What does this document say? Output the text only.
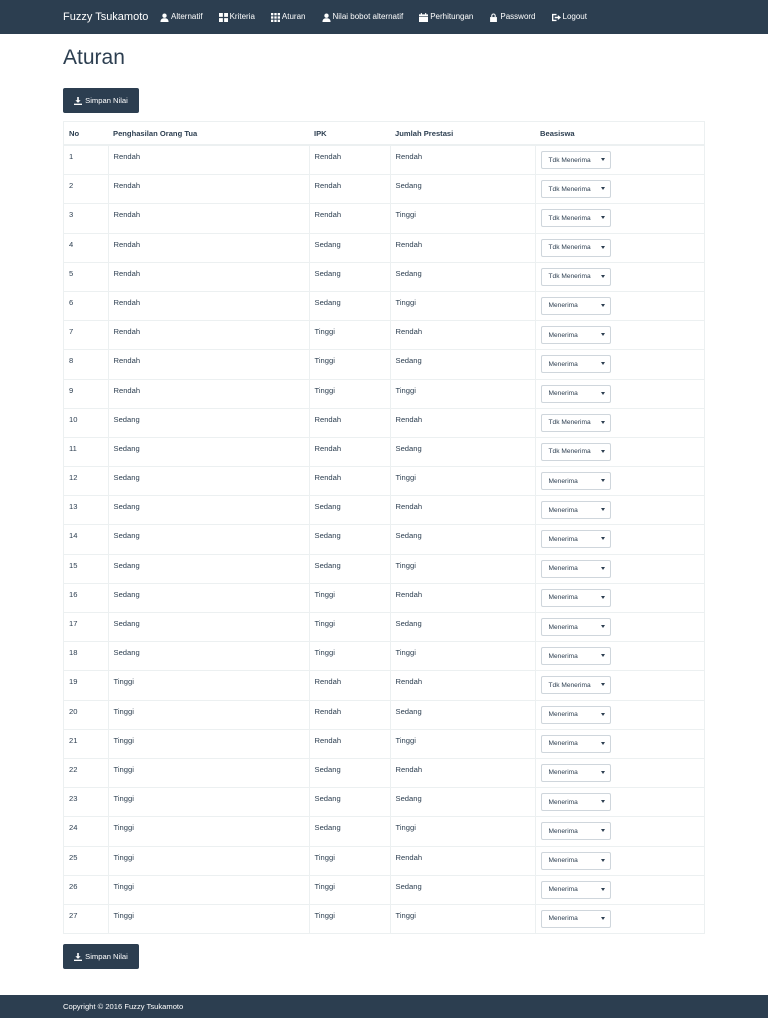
Fuzzy Tsukamoto	Alternatif	Kriteria	Aturan	Nilai bobot alternatif	Perhitungan	Password	Logout
Aturan
Simpan Nilai
No	Penghasilan Orang Tua	IPK	Jumlah Prestasi	Beasiswa
1	Rendah	Rendah	Rendah	Tdk Menerima

2	Rendah	Rendah	Sedang	Tdk Menerima

3	Rendah	Rendah	Tinggi	Tdk Menerima

4	Rendah	Sedang	Rendah	Tdk Menerima

5	Rendah	Sedang	Sedang	Tdk Menerima

6	Rendah	Sedang	Tinggi	Menerima

7	Rendah	Tinggi	Rendah	Menerima

8	Rendah	Tinggi	Sedang	Menerima

9	Rendah	Tinggi	Tinggi	Menerima

10	Sedang	Rendah	Rendah	Tdk Menerima

11	Sedang	Rendah	Sedang	Tdk Menerima

12	Sedang	Rendah	Tinggi	Menerima

13	Sedang	Sedang	Rendah	Menerima

14	Sedang	Sedang	Sedang	Menerima

15	Sedang	Sedang	Tinggi	Menerima

16	Sedang	Tinggi	Rendah	Menerima

17	Sedang	Tinggi	Sedang	Menerima

18	Sedang	Tinggi	Tinggi	Menerima

19	Tinggi	Rendah	Rendah	Tdk Menerima

20	Tinggi	Rendah	Sedang	Menerima

21	Tinggi	Rendah	Tinggi	Menerima

22	Tinggi	Sedang	Rendah	Menerima

23	Tinggi	Sedang	Sedang	Menerima

24	Tinggi	Sedang	Tinggi	Menerima

25	Tinggi	Tinggi	Rendah	Menerima

26	Tinggi	Tinggi	Sedang	Menerima

27	Tinggi	Tinggi	Tinggi	Menerima
Simpan Nilai
Copyright © 2016 Fuzzy Tsukamoto
